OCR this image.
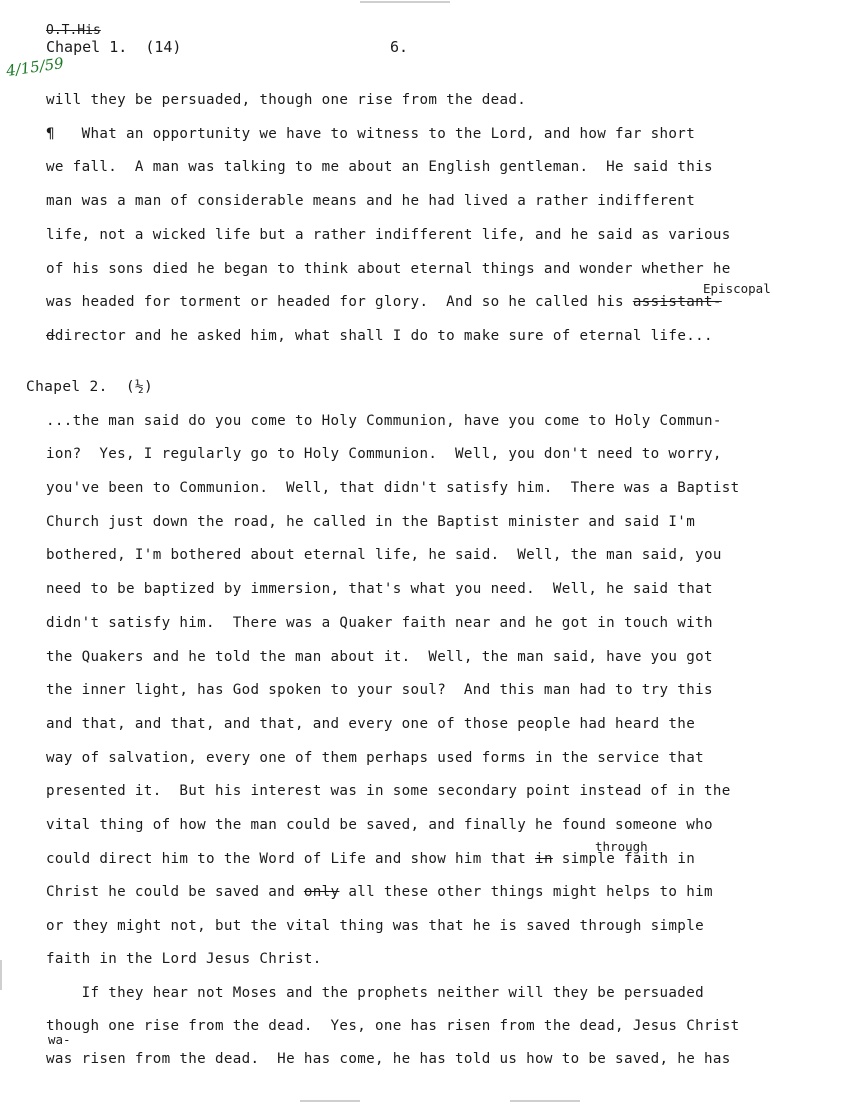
O.T.His
Chapel 1.  (14)	6.
4/15/59
will they be persuaded, though one rise from the dead.
¶   What an opportunity we have to witness to the Lord, and how far short
we fall.  A man was talking to me about an English gentleman.  He said this
man was a man of considerable means and he had lived a rather indifferent
life, not a wicked life but a rather indifferent life, and he said as various
of his sons died he began to think about eternal things and wonder whether he
was headed for torment or headed for glory.  And so he called his assistant-
Episcopal
ddirector and he asked him, what shall I do to make sure of eternal life...
Chapel 2.  (½)
...the man said do you come to Holy Communion, have you come to Holy Commun-
ion?  Yes, I regularly go to Holy Communion.  Well, you don't need to worry,
you've been to Communion.  Well, that didn't satisfy him.  There was a Baptist
Church just down the road, he called in the Baptist minister and said I'm
bothered, I'm bothered about eternal life, he said.  Well, the man said, you
need to be baptized by immersion, that's what you need.  Well, he said that
didn't satisfy him.  There was a Quaker faith near and he got in touch with
the Quakers and he told the man about it.  Well, the man said, have you got
the inner light, has God spoken to your soul?  And this man had to try this
and that, and that, and that, and every one of those people had heard the
way of salvation, every one of them perhaps used forms in the service that
presented it.  But his interest was in some secondary point instead of in the
vital thing of how the man could be saved, and finally he found someone who
could direct him to the Word of Life and show him that in simple faith in
through
Christ he could be saved and only all these other things might helps to him
or they might not, but the vital thing was that he is saved through simple
faith in the Lord Jesus Christ.
If they hear not Moses and the prophets neither will they be persuaded
though one rise from the dead.  Yes, one has risen from the dead, Jesus Christ
wa-
was risen from the dead.  He has come, he has told us how to be saved, he has
